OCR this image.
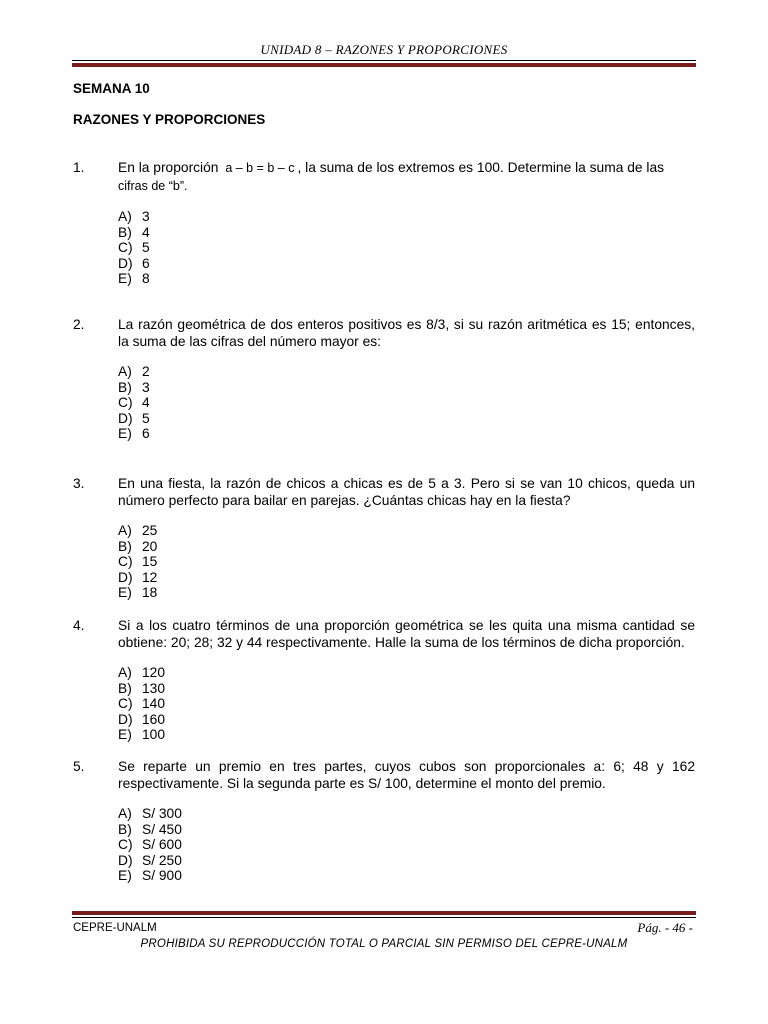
UNIDAD 8 – RAZONES Y PROPORCIONES
SEMANA 10
RAZONES Y PROPORCIONES
1. En la proporción a – b = b – c , la suma de los extremos es 100. Determine la suma de las
cifras de “b”.
A) 3
B) 4
C) 5
D) 6
E) 8
2. La razón geométrica de dos enteros positivos es 8/3, si su razón aritmética es 15; entonces, la suma de las cifras del número mayor es:
A) 2
B) 3
C) 4
D) 5
E) 6
3. En una fiesta, la razón de chicos a chicas es de 5 a 3. Pero si se van 10 chicos, queda un número perfecto para bailar en parejas. ¿Cuántas chicas hay en la fiesta?
A) 25
B) 20
C) 15
D) 12
E) 18
4. Si a los cuatro términos de una proporción geométrica se les quita una misma cantidad se obtiene: 20; 28; 32 y 44 respectivamente. Halle la suma de los términos de dicha proporción.
A) 120
B) 130
C) 140
D) 160
E) 100
5. Se reparte un premio en tres partes, cuyos cubos son proporcionales a: 6; 48 y 162 respectivamente. Si la segunda parte es S/ 100, determine el monto del premio.
A) S/ 300
B) S/ 450
C) S/ 600
D) S/ 250
E) S/ 900
CEPRE-UNALM	Pág. - 46 -
PROHIBIDA SU REPRODUCCIÓN TOTAL O PARCIAL SIN PERMISO DEL CEPRE-UNALM
